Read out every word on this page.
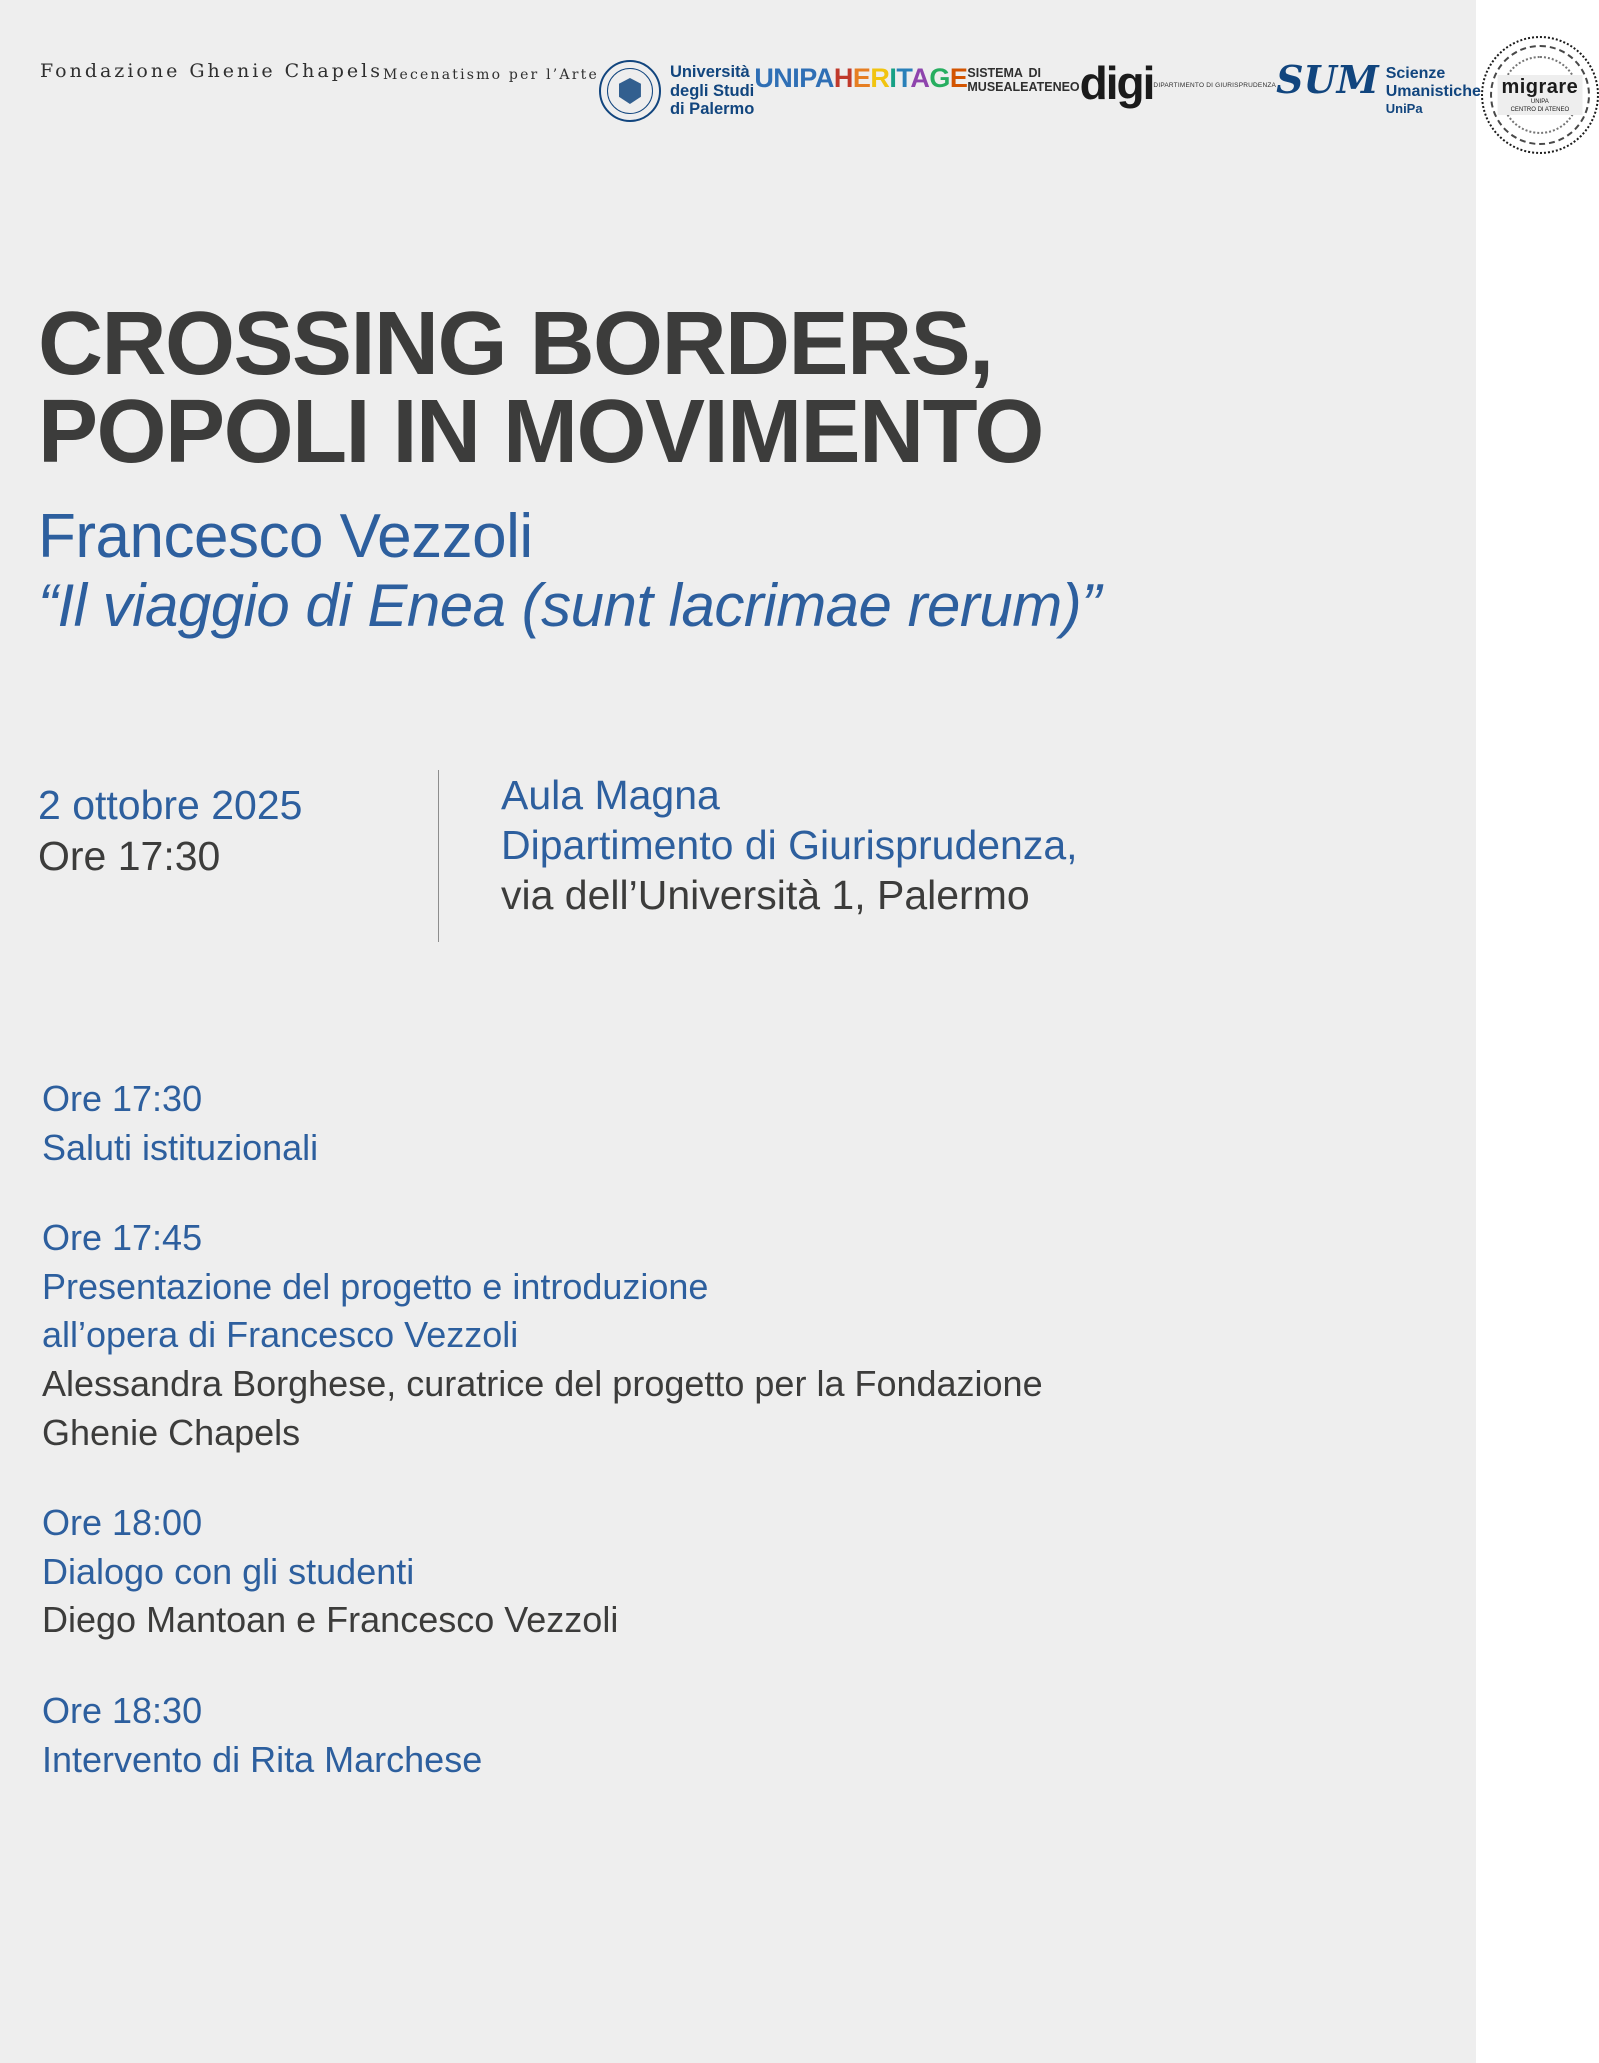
Fondazione Ghenie Chapels Mecenatismo per l’Arte	Università
degli Studi
di Palermo
UNIPA HERITAGE SISTEMA MUSEALE
DI ATENEO digi DIPARTIMENTO DI GIURISPRUDENZA SUM Scienze
Umanistiche
UniPa
migrare
UNIPA
CENTRO DI ATENEO
CROSSING BORDERS,
POPOLI IN MOVIMENTO
Francesco Vezzoli
“Il viaggio di Enea (sunt lacrimae rerum)”
2 ottobre 2025
Ore 17:30
Aula Magna
Dipartimento di Giurisprudenza,
via dell’Università 1, Palermo
Ore 17:30
Saluti istituzionali
Ore 17:45
Presentazione del progetto e introduzione
all’opera di Francesco Vezzoli
Alessandra Borghese, curatrice del progetto per la Fondazione
Ghenie Chapels
Ore 18:00
Dialogo con gli studenti
Diego Mantoan e Francesco Vezzoli
Ore 18:30
Intervento di Rita Marchese
